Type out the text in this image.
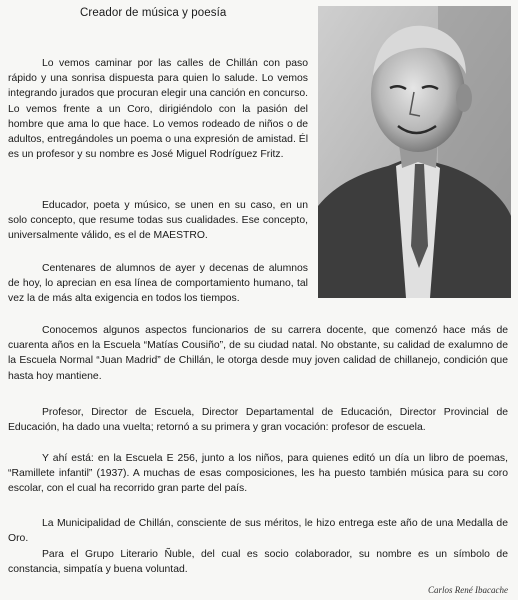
Creador de música y poesía

Lo vemos caminar por las calles de Chillán con paso rápido y una sonrisa dispuesta para quien lo salude. Lo vemos integrando jurados que procuran elegir una canción en concurso. Lo vemos frente a un Coro, dirigiéndolo con la pasión del hombre que ama lo que hace. Lo vemos rodeado de niños o de adultos, entregándoles un poema o una expresión de amistad. Él es un profesor y su nombre es José Miguel Rodríguez Fritz.

Educador, poeta y músico, se unen en su caso, en un solo concepto, que resume todas sus cualidades. Ese concepto, universalmente válido, es el de MAESTRO.

Centenares de alumnos de ayer y decenas de alumnos de hoy, lo aprecian en esa línea de comportamiento humano, tal vez la de más alta exigencia en todos los tiempos.

Conocemos algunos aspectos funcionarios de su carrera docente, que comenzó hace más de cuarenta años en la Escuela “Matías Cousiño”, de su ciudad natal. No obstante, su calidad de exalumno de la Escuela Normal “Juan Madrid” de Chillán, le otorga desde muy joven calidad de chillanejo, condición que hasta hoy mantiene.

Profesor, Director de Escuela, Director Departamental de Educación, Director Provincial de Educación, ha dado una vuelta; retornó a su primera y gran vocación: profesor de escuela.

Y ahí está: en la Escuela E 256, junto a los niños, para quienes editó un día un libro de poemas, “Ramillete infantil” (1937). A muchas de esas composiciones, les ha puesto también música para su coro escolar, con el cual ha recorrido gran parte del país.

La Municipalidad de Chillán, consciente de sus méritos, le hizo entrega este año de una Medalla de Oro.

Para el Grupo Literario Ñuble, del cual es socio colaborador, su nombre es un símbolo de constancia, simpatía y buena voluntad.

Carlos René Ibacache
